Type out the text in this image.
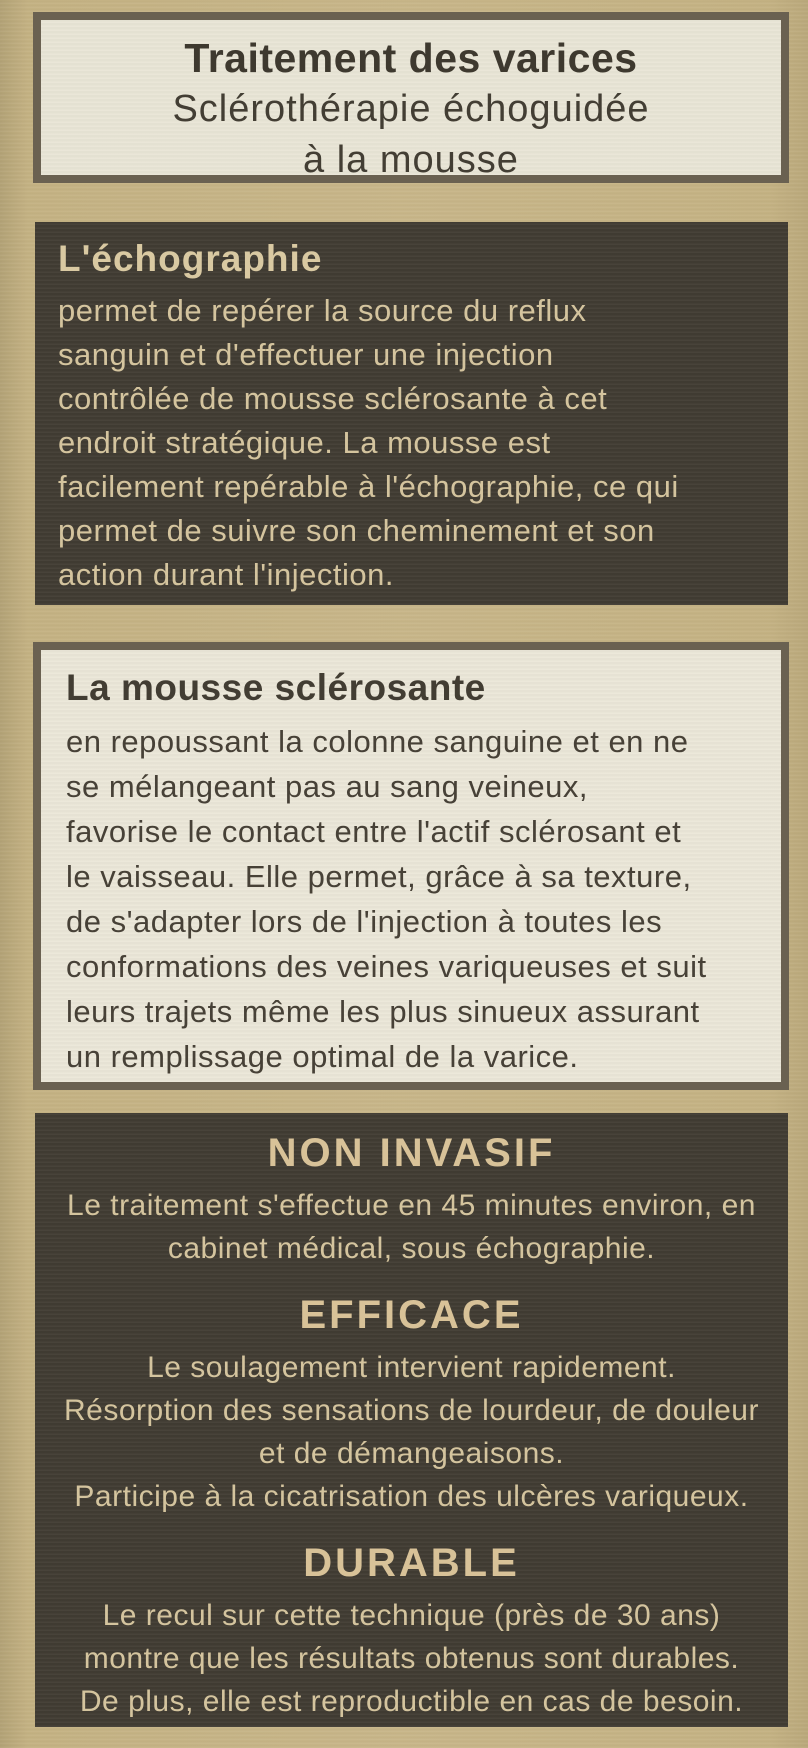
Traitement des varices
Sclérothérapie échoguidée
à la mousse
L'échographie
permet de repérer la source du reflux
sanguin et d'effectuer une injection
contrôlée de mousse sclérosante à cet
endroit stratégique. La mousse est
facilement repérable à l'échographie, ce qui
permet de suivre son cheminement et son
action durant l'injection.
La mousse sclérosante
en repoussant la colonne sanguine et en ne
se mélangeant pas au sang veineux,
favorise le contact entre l'actif sclérosant et
le vaisseau. Elle permet, grâce à sa texture,
de s'adapter lors de l'injection à toutes les
conformations des veines variqueuses et suit
leurs trajets même les plus sinueux assurant
un remplissage optimal de la varice.
NON INVASIF
Le traitement s'effectue en 45 minutes environ, en
cabinet médical, sous échographie.
EFFICACE
Le soulagement intervient rapidement.
Résorption des sensations de lourdeur, de douleur
et de démangeaisons.
Participe à la cicatrisation des ulcères variqueux.
DURABLE
Le recul sur cette technique (près de 30 ans)
montre que les résultats obtenus sont durables.
De plus, elle est reproductible en cas de besoin.
